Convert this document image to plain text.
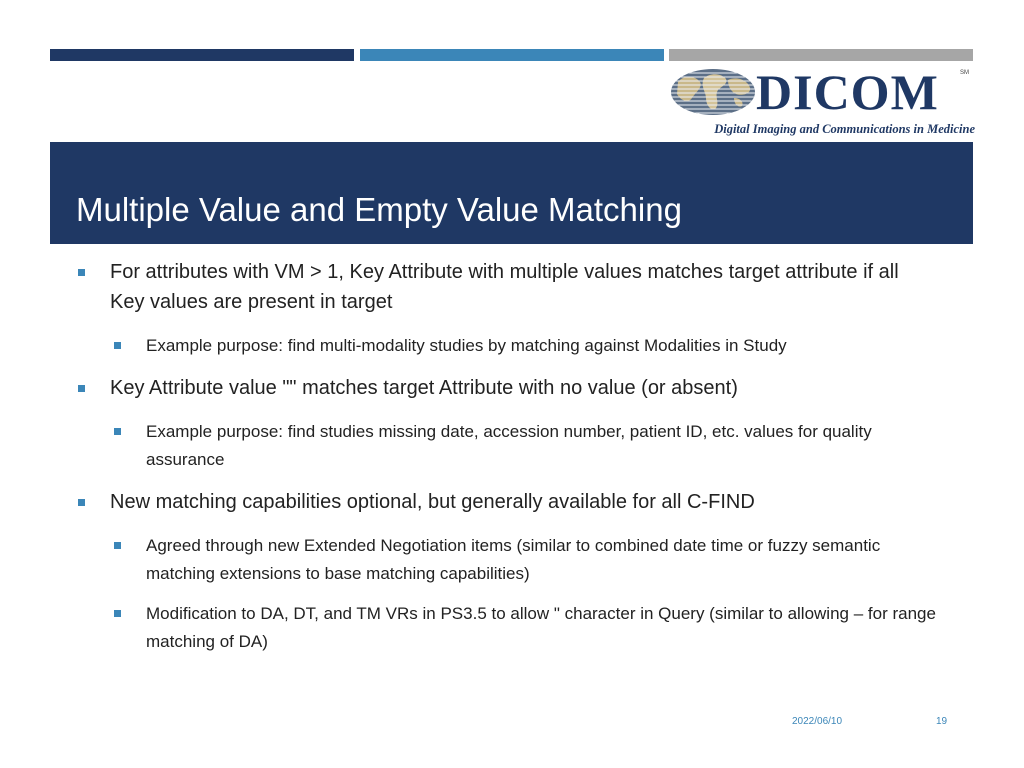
DICOM	SM
Digital Imaging and Communications in Medicine
Multiple Value and Empty Value Matching
For attributes with VM > 1, Key Attribute with multiple values matches target attribute if all Key values are present in target
Example purpose: find multi-modality studies by matching against Modalities in Study
Key Attribute value "" matches target Attribute with no value (or absent)
Example purpose: find studies missing date, accession number, patient ID, etc. values for quality assurance
New matching capabilities optional, but generally available for all C-FIND
Agreed through new Extended Negotiation items (similar to combined date time or fuzzy semantic matching extensions to base matching capabilities)
Modification to DA, DT, and TM VRs in PS3.5 to allow " character in Query (similar to allowing – for range matching of DA)
2022/06/10	19
